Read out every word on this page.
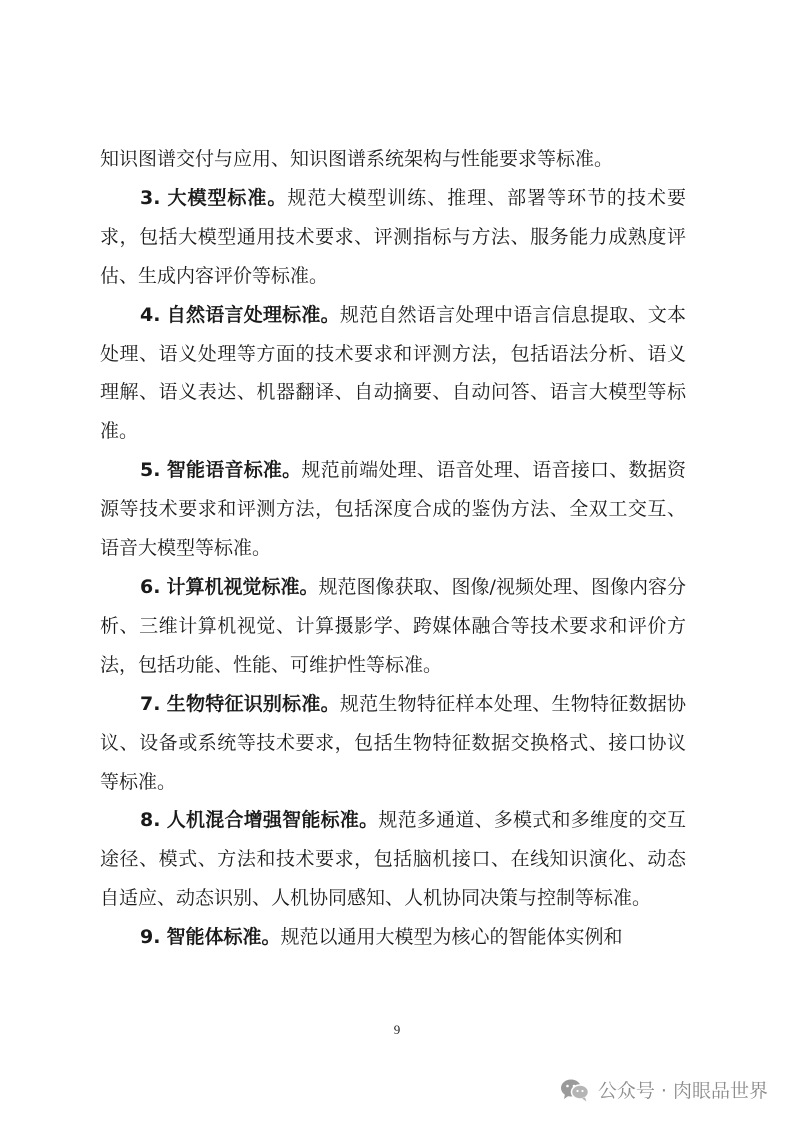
知识图谱交付与应用、知识图谱系统架构与性能要求等标准。

3. 大模型标准。规范大模型训练、推理、部署等环节的技术要求，包括大模型通用技术要求、评测指标与方法、服务能力成熟度评估、生成内容评价等标准。

4. 自然语言处理标准。规范自然语言处理中语言信息提取、文本处理、语义处理等方面的技术要求和评测方法，包括语法分析、语义理解、语义表达、机器翻译、自动摘要、自动问答、语言大模型等标准。

5. 智能语音标准。规范前端处理、语音处理、语音接口、数据资源等技术要求和评测方法，包括深度合成的鉴伪方法、全双工交互、语音大模型等标准。

6. 计算机视觉标准。规范图像获取、图像/视频处理、图像内容分析、三维计算机视觉、计算摄影学、跨媒体融合等技术要求和评价方法，包括功能、性能、可维护性等标准。

7. 生物特征识别标准。规范生物特征样本处理、生物特征数据协议、设备或系统等技术要求，包括生物特征数据交换格式、接口协议等标准。

8. 人机混合增强智能标准。规范多通道、多模式和多维度的交互途径、模式、方法和技术要求，包括脑机接口、在线知识演化、动态自适应、动态识别、人机协同感知、人机协同决策与控制等标准。

9. 智能体标准。规范以通用大模型为核心的智能体实例和

9
公众号 · 肉眼品世界
